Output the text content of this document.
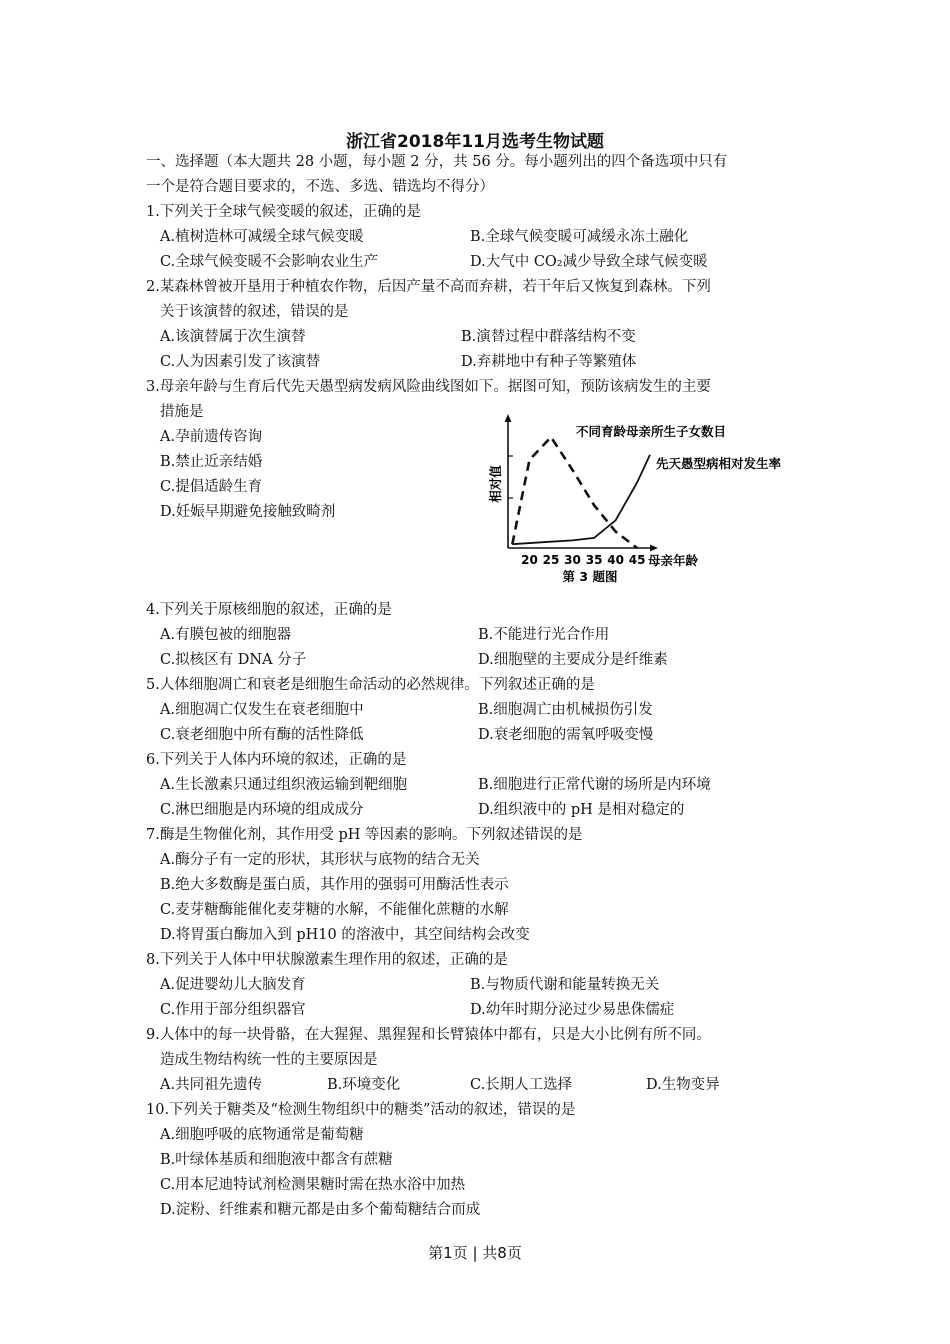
浙江省2018年11月选考生物试题
一、选择题（本大题共 28 小题，每小题 2 分，共 56 分。每小题列出的四个备选项中只有
一个是符合题目要求的，不选、多选、错选均不得分）
1.下列关于全球气候变暖的叙述，正确的是
A.植树造林可减缓全球气候变暖	B.全球气候变暖可减缓永冻土融化
C.全球气候变暖不会影响农业生产	D.大气中 CO₂减少导致全球气候变暖
2.某森林曾被开垦用于种植农作物，后因产量不高而弃耕，若干年后又恢复到森林。下列
关于该演替的叙述，错误的是
A.该演替属于次生演替	B.演替过程中群落结构不变
C.人为因素引发了该演替	D.弃耕地中有种子等繁殖体
3.母亲年龄与生育后代先天愚型病发病风险曲线图如下。据图可知，预防该病发生的主要
措施是
A.孕前遗传咨询
B.禁止近亲结婚
C.提倡适龄生育
D.妊娠早期避免接触致畸剂
相对值
不同育龄母亲所生子女数目
先天愚型病相对发生率
20 25 30 35 40 45 母亲年龄
第 3 题图
4.下列关于原核细胞的叙述，正确的是
A.有膜包被的细胞器	B.不能进行光合作用
C.拟核区有 DNA 分子	D.细胞壁的主要成分是纤维素
5.人体细胞凋亡和衰老是细胞生命活动的必然规律。下列叙述正确的是
A.细胞凋亡仅发生在衰老细胞中	B.细胞凋亡由机械损伤引发
C.衰老细胞中所有酶的活性降低	D.衰老细胞的需氧呼吸变慢
6.下列关于人体内环境的叙述，正确的是
A.生长激素只通过组织液运输到靶细胞	B.细胞进行正常代谢的场所是内环境
C.淋巴细胞是内环境的组成成分	D.组织液中的 pH 是相对稳定的
7.酶是生物催化剂，其作用受 pH 等因素的影响。下列叙述错误的是
A.酶分子有一定的形状，其形状与底物的结合无关
B.绝大多数酶是蛋白质，其作用的强弱可用酶活性表示
C.麦芽糖酶能催化麦芽糖的水解，不能催化蔗糖的水解
D.将胃蛋白酶加入到 pH10 的溶液中，其空间结构会改变
8.下列关于人体中甲状腺激素生理作用的叙述，正确的是
A.促进婴幼儿大脑发育	B.与物质代谢和能量转换无关
C.作用于部分组织器官	D.幼年时期分泌过少易患侏儒症
9.人体中的每一块骨骼，在大猩猩、黑猩猩和长臂猿体中都有，只是大小比例有所不同。
造成生物结构统一性的主要原因是
A.共同祖先遗传	B.环境变化	C.长期人工选择	D.生物变异
10.下列关于糖类及“检测生物组织中的糖类”活动的叙述，错误的是
A.细胞呼吸的底物通常是葡萄糖
B.叶绿体基质和细胞液中都含有蔗糖
C.用本尼迪特试剂检测果糖时需在热水浴中加热
D.淀粉、纤维素和糖元都是由多个葡萄糖结合而成
第1页 | 共8页
